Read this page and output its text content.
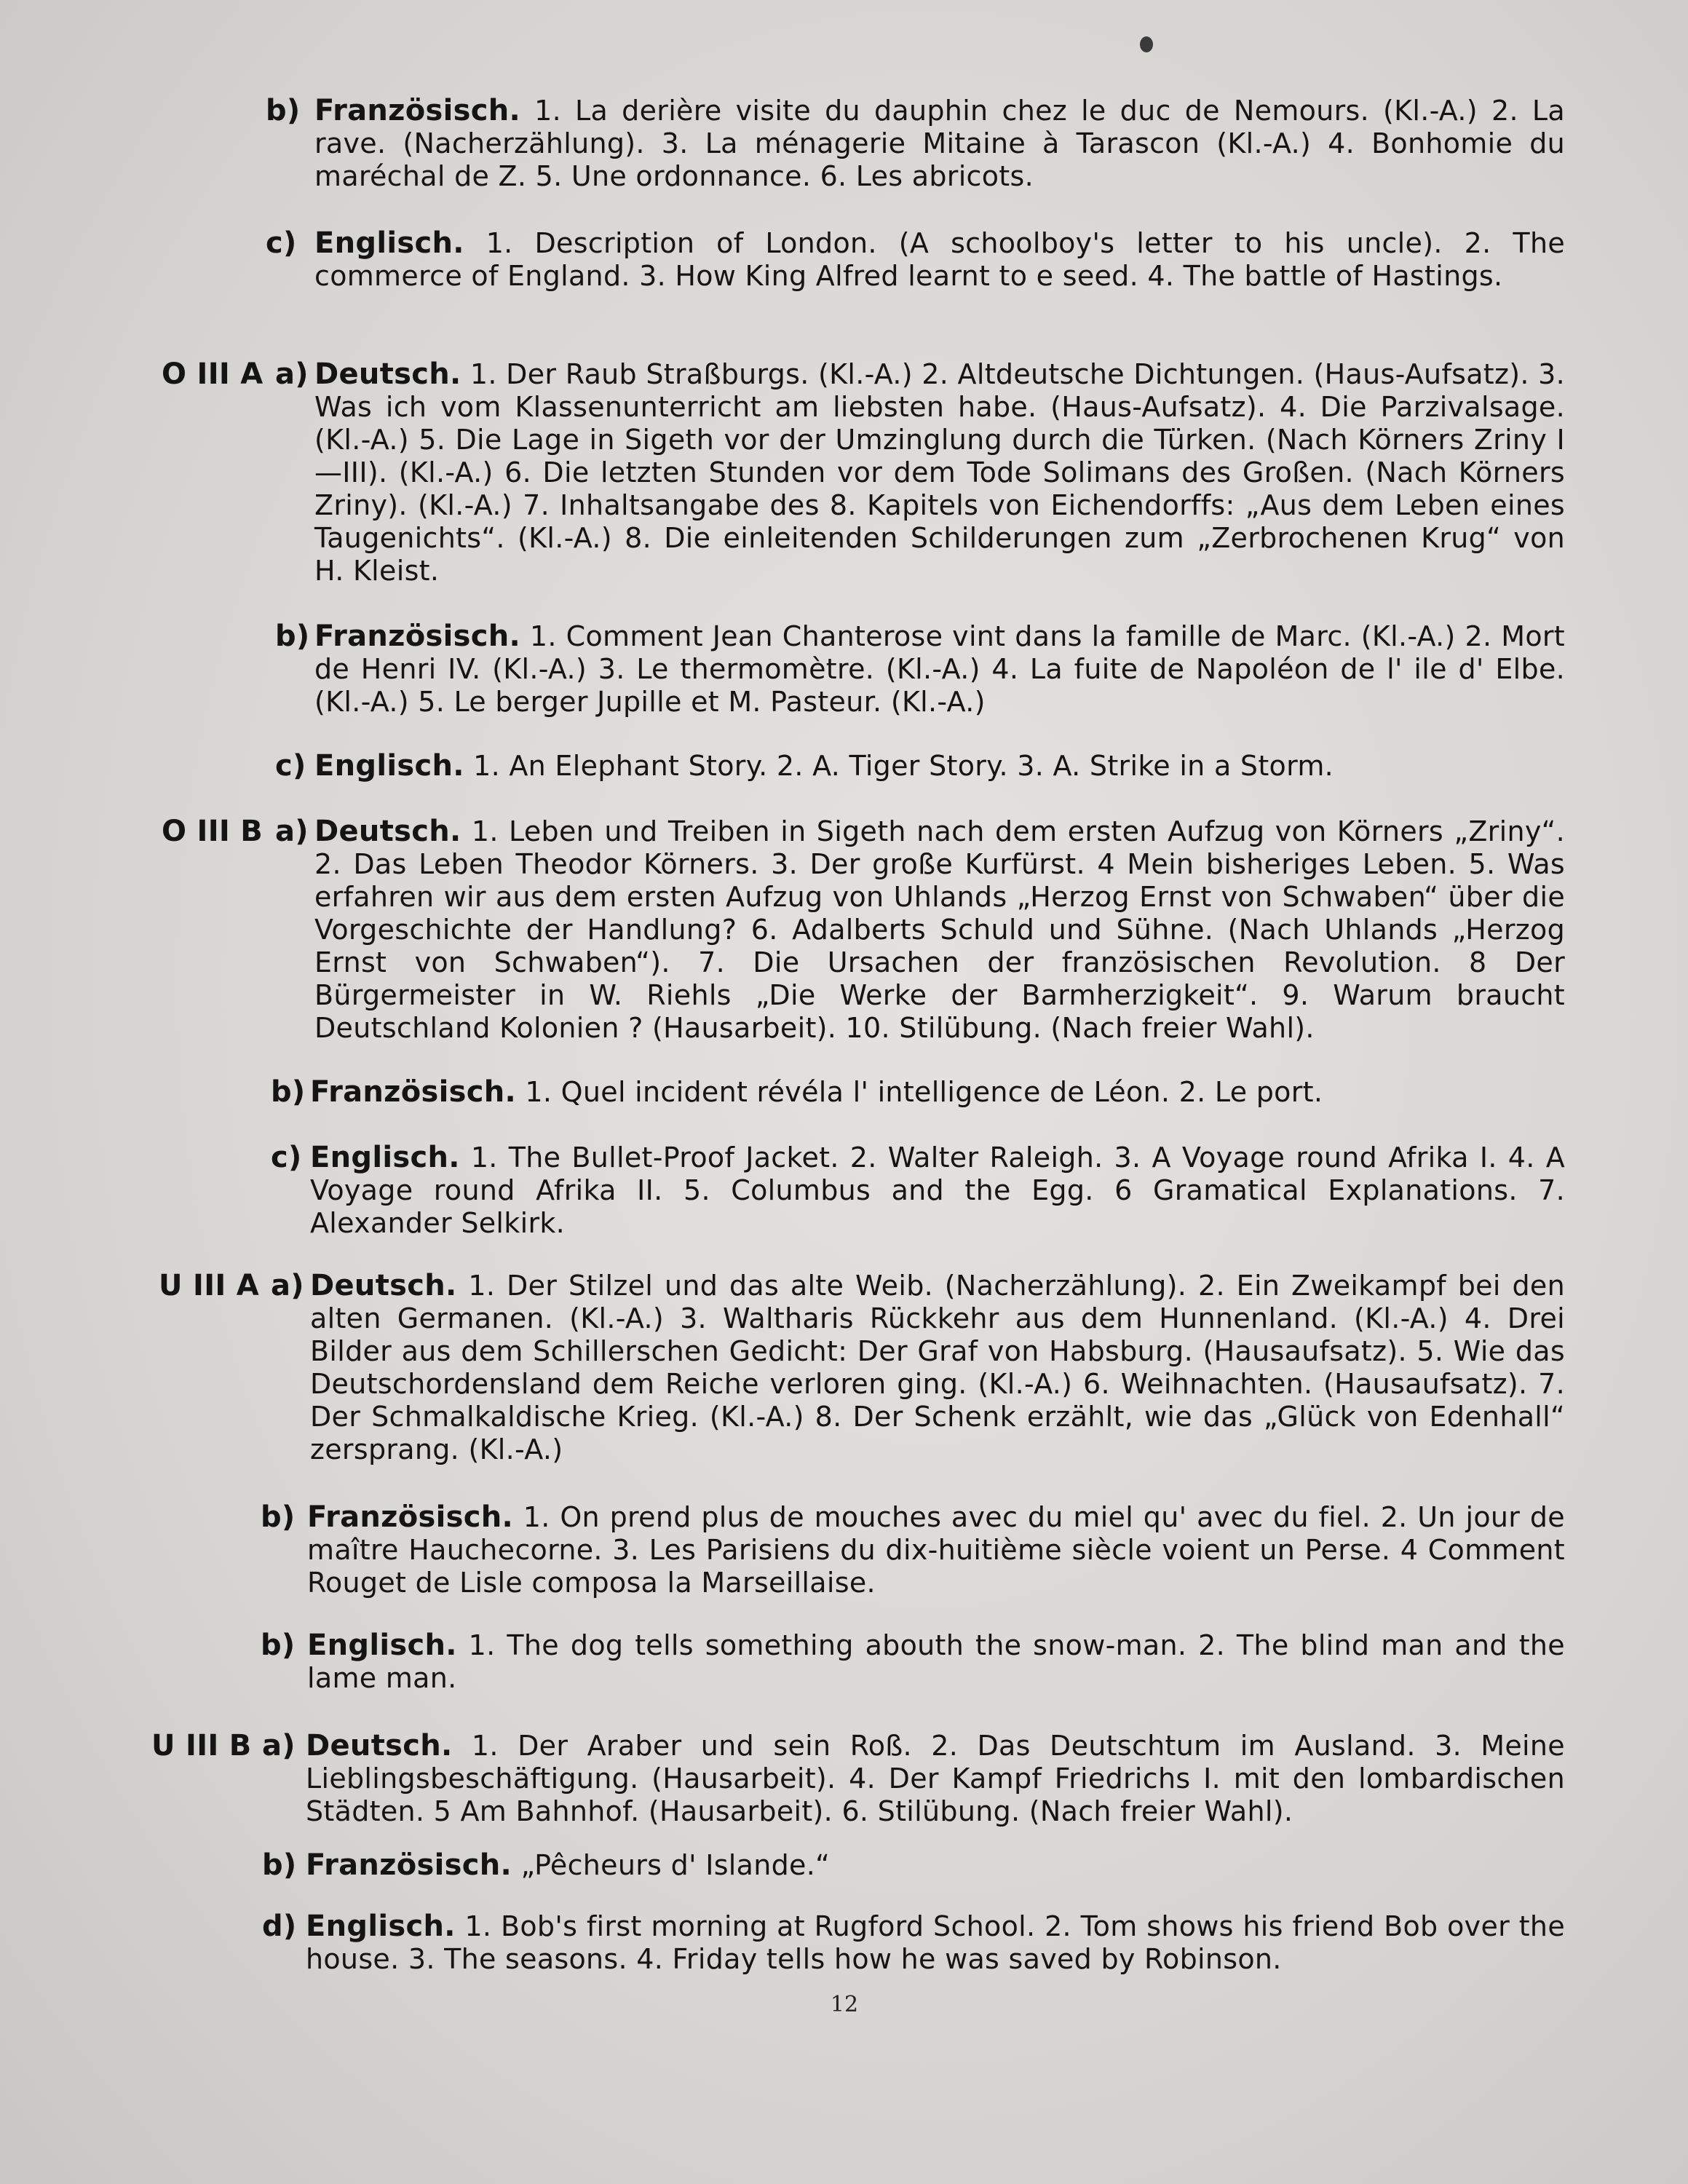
b) Französisch. 1. La derière visite du dauphin chez le duc de Nemours. (Kl.-A.) 2. La rave. (Nacherzählung). 3. La ménagerie Mitaine à Tarascon (Kl.-A.) 4. Bonhomie du maréchal de Z. 5. Une ordonnance. 6. Les abricots.
c) Englisch. 1. Description of London. (A schoolboy's letter to his uncle). 2. The commerce of England. 3. How King Alfred learnt to e seed. 4. The battle of Hastings.
O III A a) Deutsch. 1. Der Raub Straßburgs. (Kl.-A.) 2. Altdeutsche Dichtungen. (Haus-Aufsatz). 3. Was ich vom Klassenunterricht am liebsten habe. (Haus-Aufsatz). 4. Die Parzivalsage. (Kl.-A.) 5. Die Lage in Sigeth vor der Umzinglung durch die Türken. (Nach Körners Zriny I—III). (Kl.-A.) 6. Die letzten Stunden vor dem Tode Solimans des Großen. (Nach Körners Zriny). (Kl.-A.) 7. Inhaltsangabe des 8. Kapitels von Eichendorffs: „Aus dem Leben eines Taugenichts“. (Kl.-A.) 8. Die einleitenden Schilderungen zum „Zerbrochenen Krug“ von H. Kleist.
b) Französisch. 1. Comment Jean Chanterose vint dans la famille de Marc. (Kl.-A.) 2. Mort de Henri IV. (Kl.-A.) 3. Le thermomètre. (Kl.-A.) 4. La fuite de Napoléon de l' ile d' Elbe. (Kl.-A.) 5. Le berger Jupille et M. Pasteur. (Kl.-A.)
c) Englisch. 1. An Elephant Story. 2. A. Tiger Story. 3. A. Strike in a Storm.
O III B a) Deutsch. 1. Leben und Treiben in Sigeth nach dem ersten Aufzug von Körners „Zriny“. 2. Das Leben Theodor Körners. 3. Der große Kurfürst. 4 Mein bisheriges Leben. 5. Was erfahren wir aus dem ersten Aufzug von Uhlands „Herzog Ernst von Schwaben“ über die Vorgeschichte der Handlung? 6. Adalberts Schuld und Sühne. (Nach Uhlands „Herzog Ernst von Schwaben“). 7. Die Ursachen der französischen Revolution. 8 Der Bürgermeister in W. Riehls „Die Werke der Barmherzigkeit“. 9. Warum braucht Deutschland Kolonien ? (Hausarbeit). 10. Stilübung. (Nach freier Wahl).
b) Französisch. 1. Quel incident révéla l' intelligence de Léon. 2. Le port.
c) Englisch. 1. The Bullet-Proof Jacket. 2. Walter Raleigh. 3. A Voyage round Afrika I. 4. A Voyage round Afrika II. 5. Columbus and the Egg. 6 Gramatical Explanations. 7. Alexander Selkirk.
U III A a) Deutsch. 1. Der Stilzel und das alte Weib. (Nacherzählung). 2. Ein Zweikampf bei den alten Germanen. (Kl.-A.) 3. Waltharis Rückkehr aus dem Hunnenland. (Kl.-A.) 4. Drei Bilder aus dem Schillerschen Gedicht: Der Graf von Habsburg. (Hausaufsatz). 5. Wie das Deutschordensland dem Reiche verloren ging. (Kl.-A.) 6. Weihnachten. (Hausaufsatz). 7. Der Schmalkaldische Krieg. (Kl.-A.) 8. Der Schenk erzählt, wie das „Glück von Edenhall“ zersprang. (Kl.-A.)
b) Französisch. 1. On prend plus de mouches avec du miel qu' avec du fiel. 2. Un jour de maître Hauchecorne. 3. Les Parisiens du dix-huitième siècle voient un Perse. 4 Comment Rouget de Lisle composa la Marseillaise.
b) Englisch. 1. The dog tells something abouth the snow-man. 2. The blind man and the lame man.
U III B a) Deutsch. 1. Der Araber und sein Roß. 2. Das Deutschtum im Ausland. 3. Meine Lieblingsbeschäftigung. (Hausarbeit). 4. Der Kampf Friedrichs I. mit den lombardischen Städten. 5 Am Bahnhof. (Hausarbeit). 6. Stilübung. (Nach freier Wahl).
b) Französisch. „Pêcheurs d' Islande.“
d) Englisch. 1. Bob's first morning at Rugford School. 2. Tom shows his friend Bob over the house. 3. The seasons. 4. Friday tells how he was saved by Robinson.
12
